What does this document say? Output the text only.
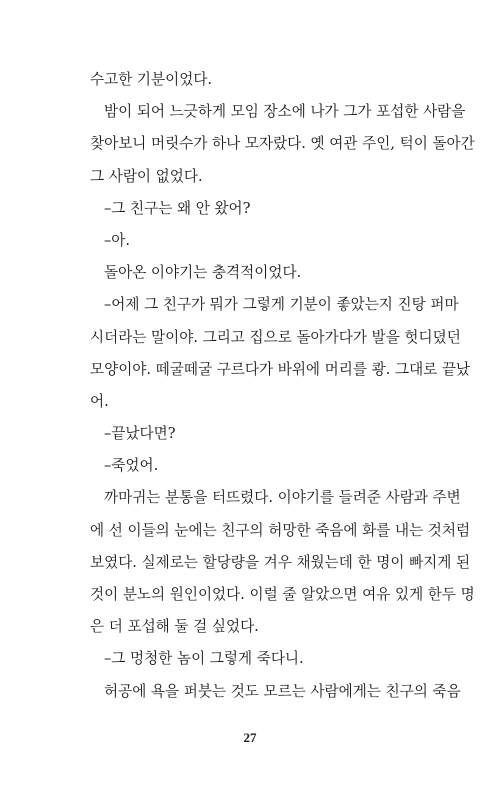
수고한 기분이었다.
밤이 되어 느긋하게 모임 장소에 나가 그가 포섭한 사람을
찾아보니 머릿수가 하나 모자랐다. 옛 여관 주인, 턱이 돌아간
그 사람이 없었다.
–그 친구는 왜 안 왔어?
–아.
돌아온 이야기는 충격적이었다.
–어제 그 친구가 뭐가 그렇게 기분이 좋았는지 진탕 퍼마
시더라는 말이야. 그리고 집으로 돌아가다가 발을 헛디뎠던
모양이야. 떼굴떼굴 구르다가 바위에 머리를 쾅. 그대로 끝났
어.
–끝났다면?
–죽었어.
까마귀는 분통을 터뜨렸다. 이야기를 들려준 사람과 주변
에 선 이들의 눈에는 친구의 허망한 죽음에 화를 내는 것처럼
보였다. 실제로는 할당량을 겨우 채웠는데 한 명이 빠지게 된
것이 분노의 원인이었다. 이럴 줄 알았으면 여유 있게 한두 명
은 더 포섭해 둘 걸 싶었다.
–그 멍청한 놈이 그렇게 죽다니.
허공에 욕을 퍼붓는 것도 모르는 사람에게는 친구의 죽음
27
